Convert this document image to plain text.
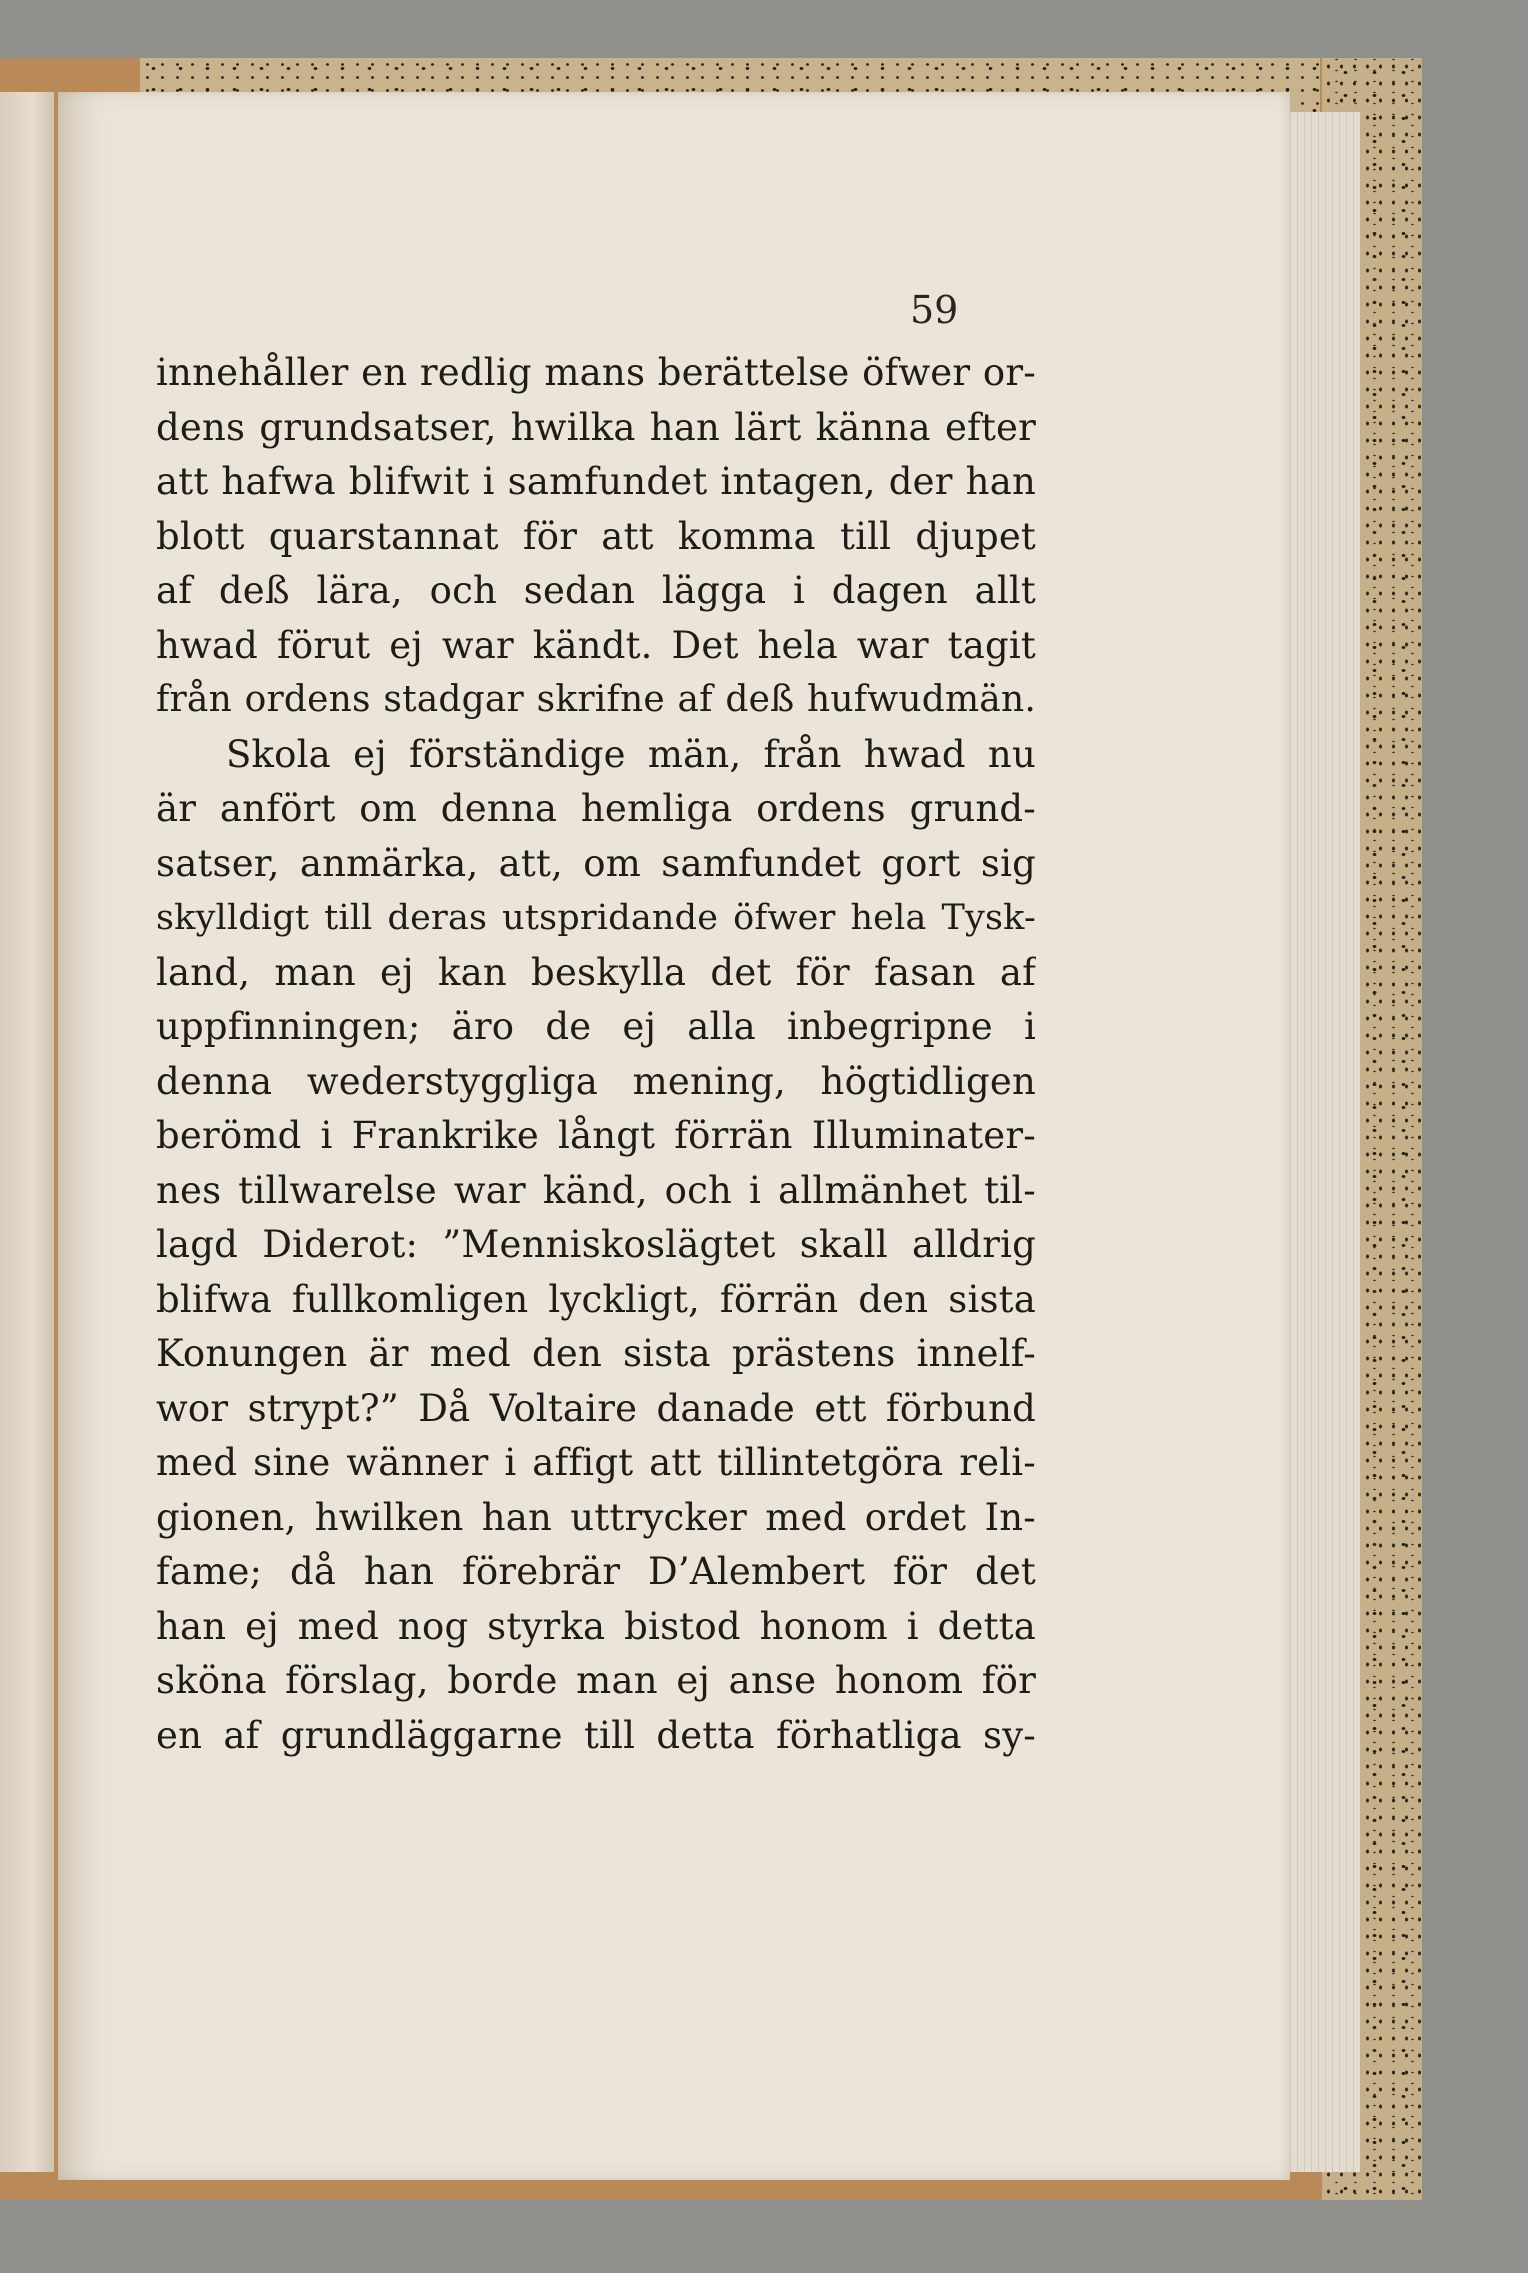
59

innehåller en redlig mans berättelse öfwer or-
dens grundsatser, hwilka han lärt känna efter
att hafwa blifwit i samfundet intagen, der han
blott quarstannat för att komma till djupet
af deß lära, och sedan lägga i dagen allt
hwad förut ej war kändt. Det hela war tagit
från ordens stadgar skrifne af deß hufwudmän.
Skola ej förständige män, från hwad nu
är anfört om denna hemliga ordens grund-
satser, anmärka, att, om samfundet gort sig
skylldigt till deras utspridande öfwer hela Tysk-
land, man ej kan beskylla det för fasan af
uppfinningen; äro de ej alla inbegripne i
denna wederstyggliga mening, högtidligen
berömd i Frankrike långt förrän Illuminater-
nes tillwarelse war känd, och i allmänhet til-
lagd Diderot: ”Menniskoslägtet skall alldrig
blifwa fullkomligen lyckligt, förrän den sista
Konungen är med den sista prästens innelf-
wor strypt?” Då Voltaire danade ett förbund
med sine wänner i affigt att tillintetgöra reli-
gionen, hwilken han uttrycker med ordet In-
fame; då han förebrär D’Alembert för det
han ej med nog styrka bistod honom i detta
sköna förslag, borde man ej anse honom för
en af grundläggarne till detta förhatliga sy-
